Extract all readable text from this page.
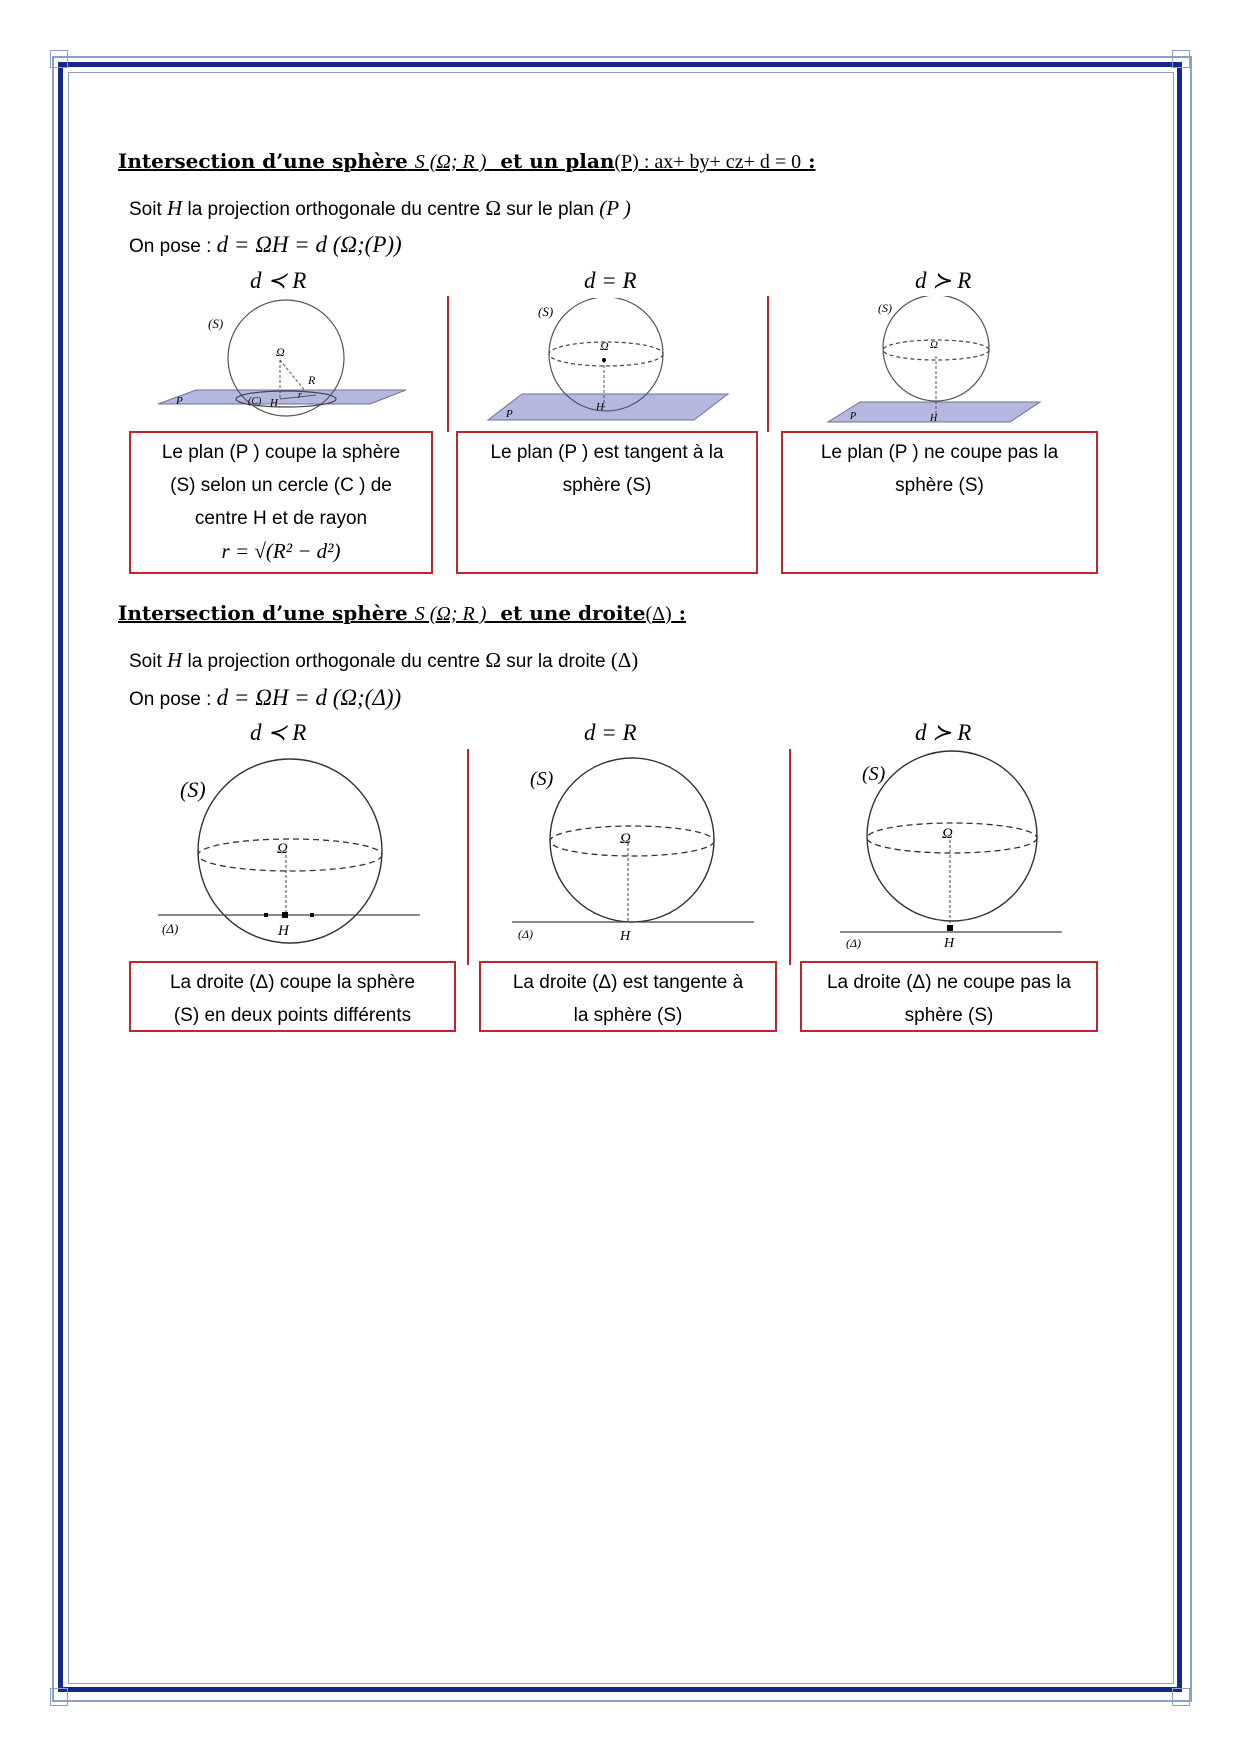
Intersection d’une sphère S (Ω; R ) et un plan(P) : ax+ by+ cz+ d = 0 :
Soit H la projection orthogonale du centre Ω sur le plan (P )
On pose : d = ΩH = d (Ω;(P))
d ≺ R	d = R	d ≻ R
(S)
Ω
R
(C) H
r
P
(S)
Ω
H
P
(S)
Ω
H
P
Le plan (P ) coupe la sphère
(S) selon un cercle (C ) de
centre H et de rayon
r = √(R² − d²)
Le plan (P ) est tangent à la
sphère (S)
Le plan (P ) ne coupe pas la
sphère (S)
Intersection d’une sphère S (Ω; R ) et une droite(Δ) :
Soit H la projection orthogonale du centre Ω sur la droite (Δ)
On pose : d = ΩH = d (Ω;(Δ))
d ≺ R	d = R	d ≻ R
(S)
Ω
H
(Δ)
(S)
Ω
H
(Δ)
(S)
Ω
H
(Δ)
La droite (Δ) coupe la sphère
(S) en deux points différents
La droite (Δ) est tangente à
la sphère (S)
La droite (Δ) ne coupe pas la
sphère (S)
